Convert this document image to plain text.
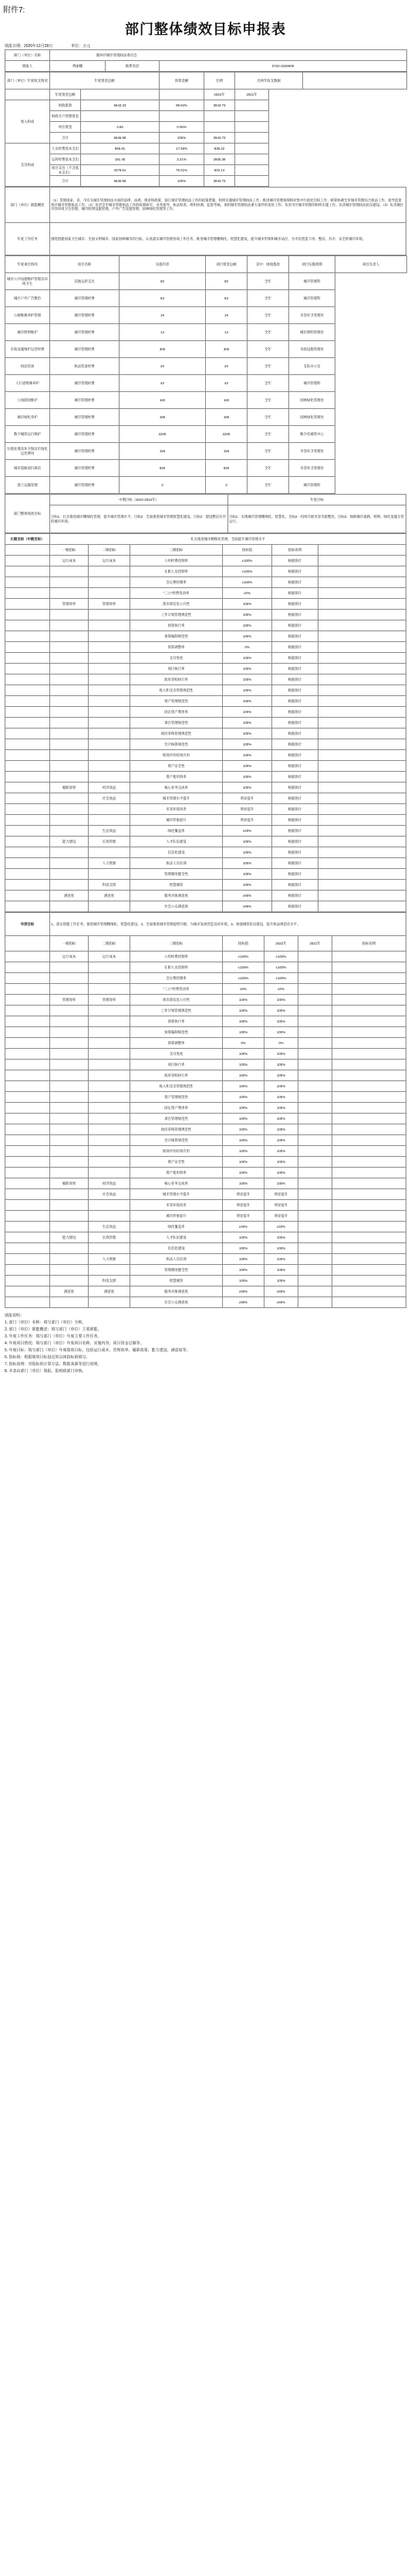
附件7:
部门整体绩效目标申报表
填报日期：2020年12月28日	单位：万元
部门（单位）名称	随州市城市管理执法委员会		
填报人	黄丽娜	联系电话	0722-3326509
部门（单位）年度收支情况	年度资金总额		预算金额	比例	近两年收支数据	
	年度资金总额			2022年	2021年	
收入构成	财政拨款	5643.33	99.94%	3943.73		
	财政专户管理资金					
	单位资金	3.65	0.06%			
	合计	5646.98	100%	3943.73		
支出构成	人员经费基本支出	986.81	17.48%	836.22		
	运转经费基本支出	181.45	3.21%	2605.39		
	项目支出（不含基本支出）	4478.61	79.31%	502.14		
	合计	5646.98	100%	3943.73		
部门（单位）职能概述	（1）贯彻国家、省、市有关城市管理执法方面的法律、法规、规章和政策，拟订城市管理执法工作的政策措施，组织实施城市管理执法工作；推进城市管理领域相对集中行政处罚权工作；统筹协调全市城市管理综合执法工作，指导监督各区城市管理执法工作。（2）负责全市城市管理执法工作的政策研究、业务指导、执法检查、组织协调、监督考核，承担城市管理执法重大案件的查处工作；负责市区城市管理的组织实施工作。负责城市管理执法队伍建设。（3）负责城区市容环境卫生管理、城市照明设施管理、户外广告设置管理、园林绿化管理等工作。
年度工作任务	围绕创建国家卫生城市、全国文明城市、国家园林城市的目标，认真落实城市管理各项工作任务，推进城市管理精细化、智慧化建设，提升城市形象和城市品位，为市民创造干净、整洁、有序、安全的城市环境。
年度项目情况	项目名称	实施内容	项目资金总额	其中：财政拨款	项目实施周期	项目负责人
城市公共设施维护管理及环境卫生	其他运转支出	50	50	全年	城市管理科	
城区户外广告整治	城市管理经费	84	84	全年	城市管理科	
公厕维修养护管理	城市管理经费	16	16	全年	市容环卫管理处	
城市照明维护	城市管理经费	13	13	全年	城市照明管理处	
市政设施维护运营经费	城市管理经费	300	300	全年	市政设施管理处	
执法装备	执法装备经费	20	20	全年	支队办公室	
人行道维修养护	城市管理经费	40	40	全年	城市管理科	
公园游园维护	城市管理经费	160	160	全年	园林绿化管理处	
城市绿化养护	城市管理经费	180	180	全年	园林绿化管理处	
数字城管运行维护	城市管理经费	2200	2200	全年	数字化城管中心	
垃圾处理及环卫保洁市场化运营费用	城市管理经费	156	156	全年	市容环卫管理处	
城市道路清扫保洁	城市管理经费	830	830	全年	市容环卫管理处	
渣土运输管理	城市管理经费	3	3	全年	城市管理科	
部门整体绩效目标	中期目标（2022-2024年）	年度目标
	目标1：扎实推进城市精细化管理，提升城市管理水平。目标2：全面推进城市管理智慧化建设。目标3：建设整洁有序的城市环境。	目标1：实现城市管理精细化、智慧化。目标2：持续开展市容市貌整治。目标3：保障城市道路、照明、绿化设施正常运行。
长期目标（中期目标）	扎实推进城市精细化管理，全面提升城市管理水平					
	一级指标	二级指标	三级指标	指标值	指标说明	
	运行成本	运行成本	公用经费控制率	≤100%	根据预计	
			在职人员控制率	≤100%	根据预计	
			会议费控制率	≤100%	根据预计	
			"三公"经费变动率	≤0%	根据预计	
	管理效率	管理效率	预决算信息公开性	100%	根据预计	
			工作计划管理规范性	100%	根据预计	
			预算执行率	100%	根据预计	
			预算编制规范性	100%	根据预计	
			预算调整率	0%	根据预计	
			支付进度	100%	根据预计	
			项目执行率	100%	根据预计	
			政府采购执行率	100%	根据预计	
			收入和支出管理规范性	100%	根据预计	
			资产管理规范性	100%	根据预计	
			固定资产利用率	100%	根据预计	
			项目管理规范性	100%	根据预计	
			政府采购管理规范性	100%	根据预计	
			会计核算规范性	100%	根据预计	
			绩效评价结果应用	100%	根据预计	
			资产安全性	100%	根据预计	
			资产使用效率	100%	根据预计	
	履职效果	经济效益	核心业务完成率	100%	根据预计	
		社会效益	城市管理水平提升	明显提升	根据预计	
			市容环境改善	明显提升	根据预计	
			城市形象提升	明显提升	根据预计	
		生态效益	绿化覆盖率	≥40%	根据预计	
	能力建设	长效管理	人才队伍建设	100%	根据预计	
			信息化建设	100%	根据预计	
		人力资源	执法人员培训	100%	根据预计	
			管理制度健全性	100%	根据预计	
		科技支撑	智慧城管	100%	根据预计	
	满意度	满意度	服务对象满意度	≥90%	根据预计	
			社会公众满意度	≥90%	根据预计	
年度目标	1、落实创建工作任务，推进城市管理精细化、智慧化建设。2、全面推进城市管理提档升级，为城市发展营造良好环境。3、加强城管队伍建设，提升执法规范化水平。						
	一级指标	二级指标	三级指标	指标值	2022年	2021年	指标说明
	运行成本	运行成本	公用经费控制率	≤100%	≤100%		
			在职人员控制率	≤100%	≤100%		
			会议费控制率	≤100%	≤100%		
			"三公"经费变动率	≤0%	≤0%		
	管理效率	管理效率	预决算信息公开性	100%	100%		
			工作计划管理规范性	100%	100%		
			预算执行率	100%	100%		
			预算编制规范性	100%	100%		
			预算调整率	0%	0%		
			支付进度	100%	100%		
			项目执行率	100%	100%		
			政府采购执行率	100%	100%		
			收入和支出管理规范性	100%	100%		
			资产管理规范性	100%	100%		
			固定资产利用率	100%	100%		
			项目管理规范性	100%	100%		
			政府采购管理规范性	100%	100%		
			会计核算规范性	100%	100%		
			绩效评价结果应用	100%	100%		
			资产安全性	100%	100%		
			资产使用效率	100%	100%		
	履职效果	经济效益	核心业务完成率	100%	100%		
		社会效益	城市管理水平提升	明显提升	明显提升		
			市容环境改善	明显提升	明显提升		
			城市形象提升	明显提升	明显提升		
		生态效益	绿化覆盖率	≥40%	≥40%		
	能力建设	长效管理	人才队伍建设	100%	100%		
			信息化建设	100%	100%		
		人力资源	执法人员培训	100%	100%		
			管理制度健全性	100%	100%		
		科技支撑	智慧城管	100%	100%		
	满意度	满意度	服务对象满意度	≥90%	≥90%		
			社会公众满意度	≥90%	≥90%		
填报说明：
1. 部门（单位）名称：填写部门（单位）全称。
2. 部门（单位）职能概述：填写部门（单位）主要职能。
3. 年度工作任务：填写部门（单位）年度主要工作任务。
4. 年度项目情况：填写部门（单位）年度项目名称、实施内容、项目资金总额等。
5. 年度目标：填写部门（单位）年度绩效目标，包括运行成本、管理效率、履职效果、能力建设、满意度等。
6. 指标值：根据绩效目标设定的具体指标值填写。
7. 指标说明：对指标的计算方法、数据来源等进行说明。
8. 本表由部门（单位）填报，报财政部门审核。
